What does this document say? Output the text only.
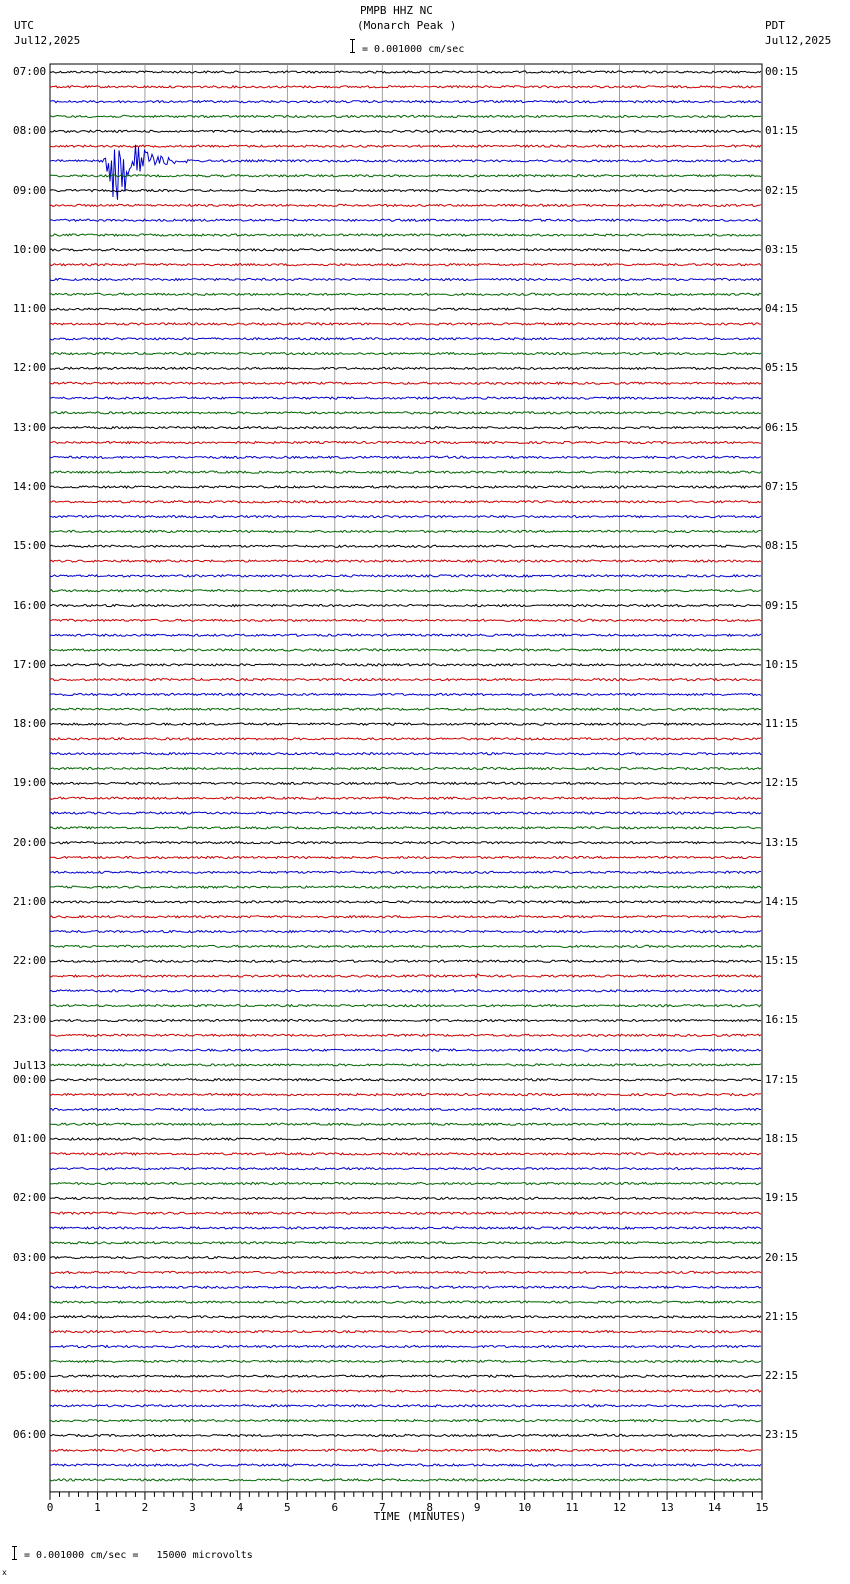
PMPB HHZ NC
(Monarch Peak )
= 0.001000 cm/sec
UTC
Jul12,2025
PDT
Jul12,2025
07:00
08:00
09:00
10:00
11:00
12:00
13:00
14:00
15:00
16:00
17:00
18:00
19:00
20:00
21:00
22:00
23:00
00:00
Jul13
01:00
02:00
03:00
04:00
05:00
06:00
00:15
01:15
02:15
03:15
04:15
05:15
06:15
07:15
08:15
09:15
10:15
11:15
12:15
13:15
14:15
15:15
16:15
17:15
18:15
19:15
20:15
21:15
22:15
23:15
0	1	2	3	4	5	6	7	8	9	10	11	12	13	14	15
TIME (MINUTES)
x
= 0.001000 cm/sec =   15000 microvolts
